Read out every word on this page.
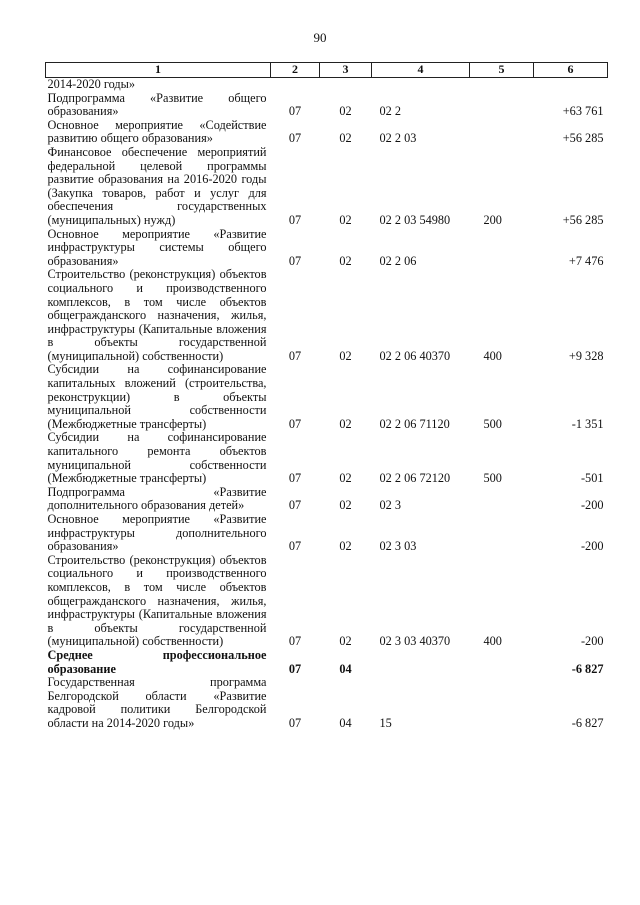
90
1	2	3	4	5	6
2014-2020 годы»					
Подпрограмма «Развитие общего образования»	07	02	02 2		+63 761
Основное мероприятие «Содействие развитию общего образования»	07	02	02 2 03		+56 285
Финансовое обеспечение мероприятий федеральной целевой программы развитие образования на 2016-2020 годы (Закупка товаров, работ и услуг для обеспечения государственных (муниципальных) нужд)	07	02	02 2 03 54980	200	+56 285
Основное мероприятие «Развитие инфраструктуры системы общего образования»	07	02	02 2 06		+7 476
Строительство (реконструкция) объектов социального и производственного комплексов, в том числе объектов общегражданского назначения, жилья, инфраструктуры (Капитальные вложения в объекты государственной (муниципальной) собственности)	07	02	02 2 06 40370	400	+9 328
Субсидии на софинансирование капитальных вложений (строительства, реконструкции) в объекты муниципальной собственности (Межбюджетные трансферты)	07	02	02 2 06 71120	500	-1 351
Субсидии на софинансирование капитального ремонта объектов муниципальной собственности (Межбюджетные трансферты)	07	02	02 2 06 72120	500	-501
Подпрограмма «Развитие дополнительного образования детей»	07	02	02 3		-200
Основное мероприятие «Развитие инфраструктуры дополнительного образования»	07	02	02 3 03		-200
Строительство (реконструкция) объектов социального и производственного комплексов, в том числе объектов общегражданского назначения, жилья, инфраструктуры (Капитальные вложения в объекты государственной (муниципальной) собственности)	07	02	02 3 03 40370	400	-200
Среднее профессиональное образование	07	04			-6 827
Государственная программа Белгородской области «Развитие кадровой политики Белгородской области на 2014-2020 годы»	07	04	15		-6 827
